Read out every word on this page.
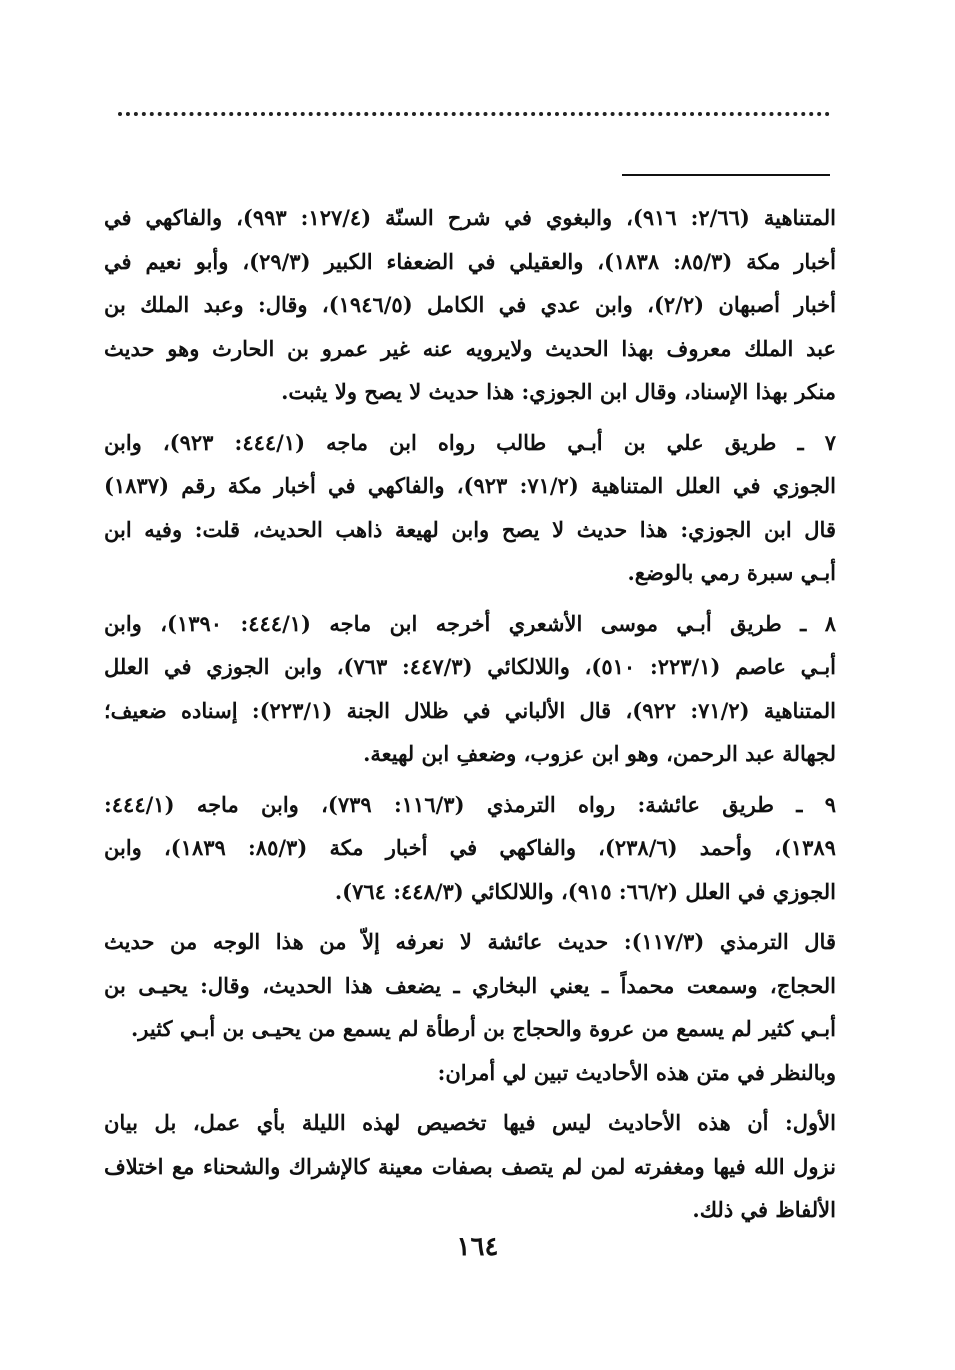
المتناهية (٢/٦٦: ٩١٦)، والبغوي في شرح السنّة (١٢٧/٤: ٩٩٣)، والفاكهي في
أخبار مكة (٨٥/٣: ١٨٣٨)، والعقيلي في الضعفاء الكبير (٢٩/٣)، وأبو نعيم في
أخبار أصبهان (٢/٢)، وابن عدي في الكامل (١٩٤٦/٥)، وقال: وعبد الملك بن
عبد الملك معروف بهذا الحديث ولايرويه عنه غير عمرو بن الحارث وهو حديث
منكر بهذا الإسناد، وقال ابن الجوزي: هذا حديث لا يصح ولا يثبت.

٧ ـ طريق علي بن أبـي طالب رواه ابن ماجه (٤٤٤/١: ٩٢٣)، وابن
الجوزي في العلل المتناهية (٧١/٢: ٩٢٣)، والفاكهي في أخبار مكة رقم (١٨٣٧)
قال ابن الجوزي: هذا حديث لا يصح وابن لهيعة ذاهب الحديث، قلت: وفيه ابن
أبـي سبرة رمي بالوضع.

٨ ـ طريق أبـي موسى الأشعري أخرجه ابن ماجه (٤٤٤/١: ١٣٩٠)، وابن
أبـي عاصم (٢٢٣/١: ٥١٠)، واللالكائي (٤٤٧/٣: ٧٦٣)، وابن الجوزي في العلل
المتناهية (٧١/٢: ٩٢٢)، قال الألباني في ظلال الجنة (٢٢٣/١): إسناده ضعيف؛
لجهالة عبد الرحمن، وهو ابن عزوب، وضعفِ ابن لهيعة.

٩ ـ طريق عائشة: رواه الترمذي (١١٦/٣: ٧٣٩)، وابن ماجه (٤٤٤/١:
١٣٨٩)، وأحمد (٢٣٨/٦)، والفاكهي في أخبار مكة (٨٥/٣: ١٨٣٩)، وابن
الجوزي في العلل (٦٦/٢: ٩١٥)، واللالكائي (٤٤٨/٣: ٧٦٤).

قال الترمذي (١١٧/٣): حديث عائشة لا نعرفه إلاّ من هذا الوجه من حديث
الحجاج، وسمعت محمداً ـ يعني البخاري ـ يضعف هذا الحديث، وقال: يحيـى بن
أبـي كثير لم يسمع من عروة والحجاج بن أرطأة لم يسمع من يحيـى بن أبـي كثير.

وبالنظر في متن هذه الأحاديث تبين لي أمران:

الأول: أن هذه الأحاديث ليس فيها تخصيص لهذه الليلة بأي عمل، بل بيان
نزول الله فيها ومغفرته لمن لم يتصف بصفات معينة كالإشراك والشحناء مع اختلاف
الألفاظ في ذلك.

١٦٤
